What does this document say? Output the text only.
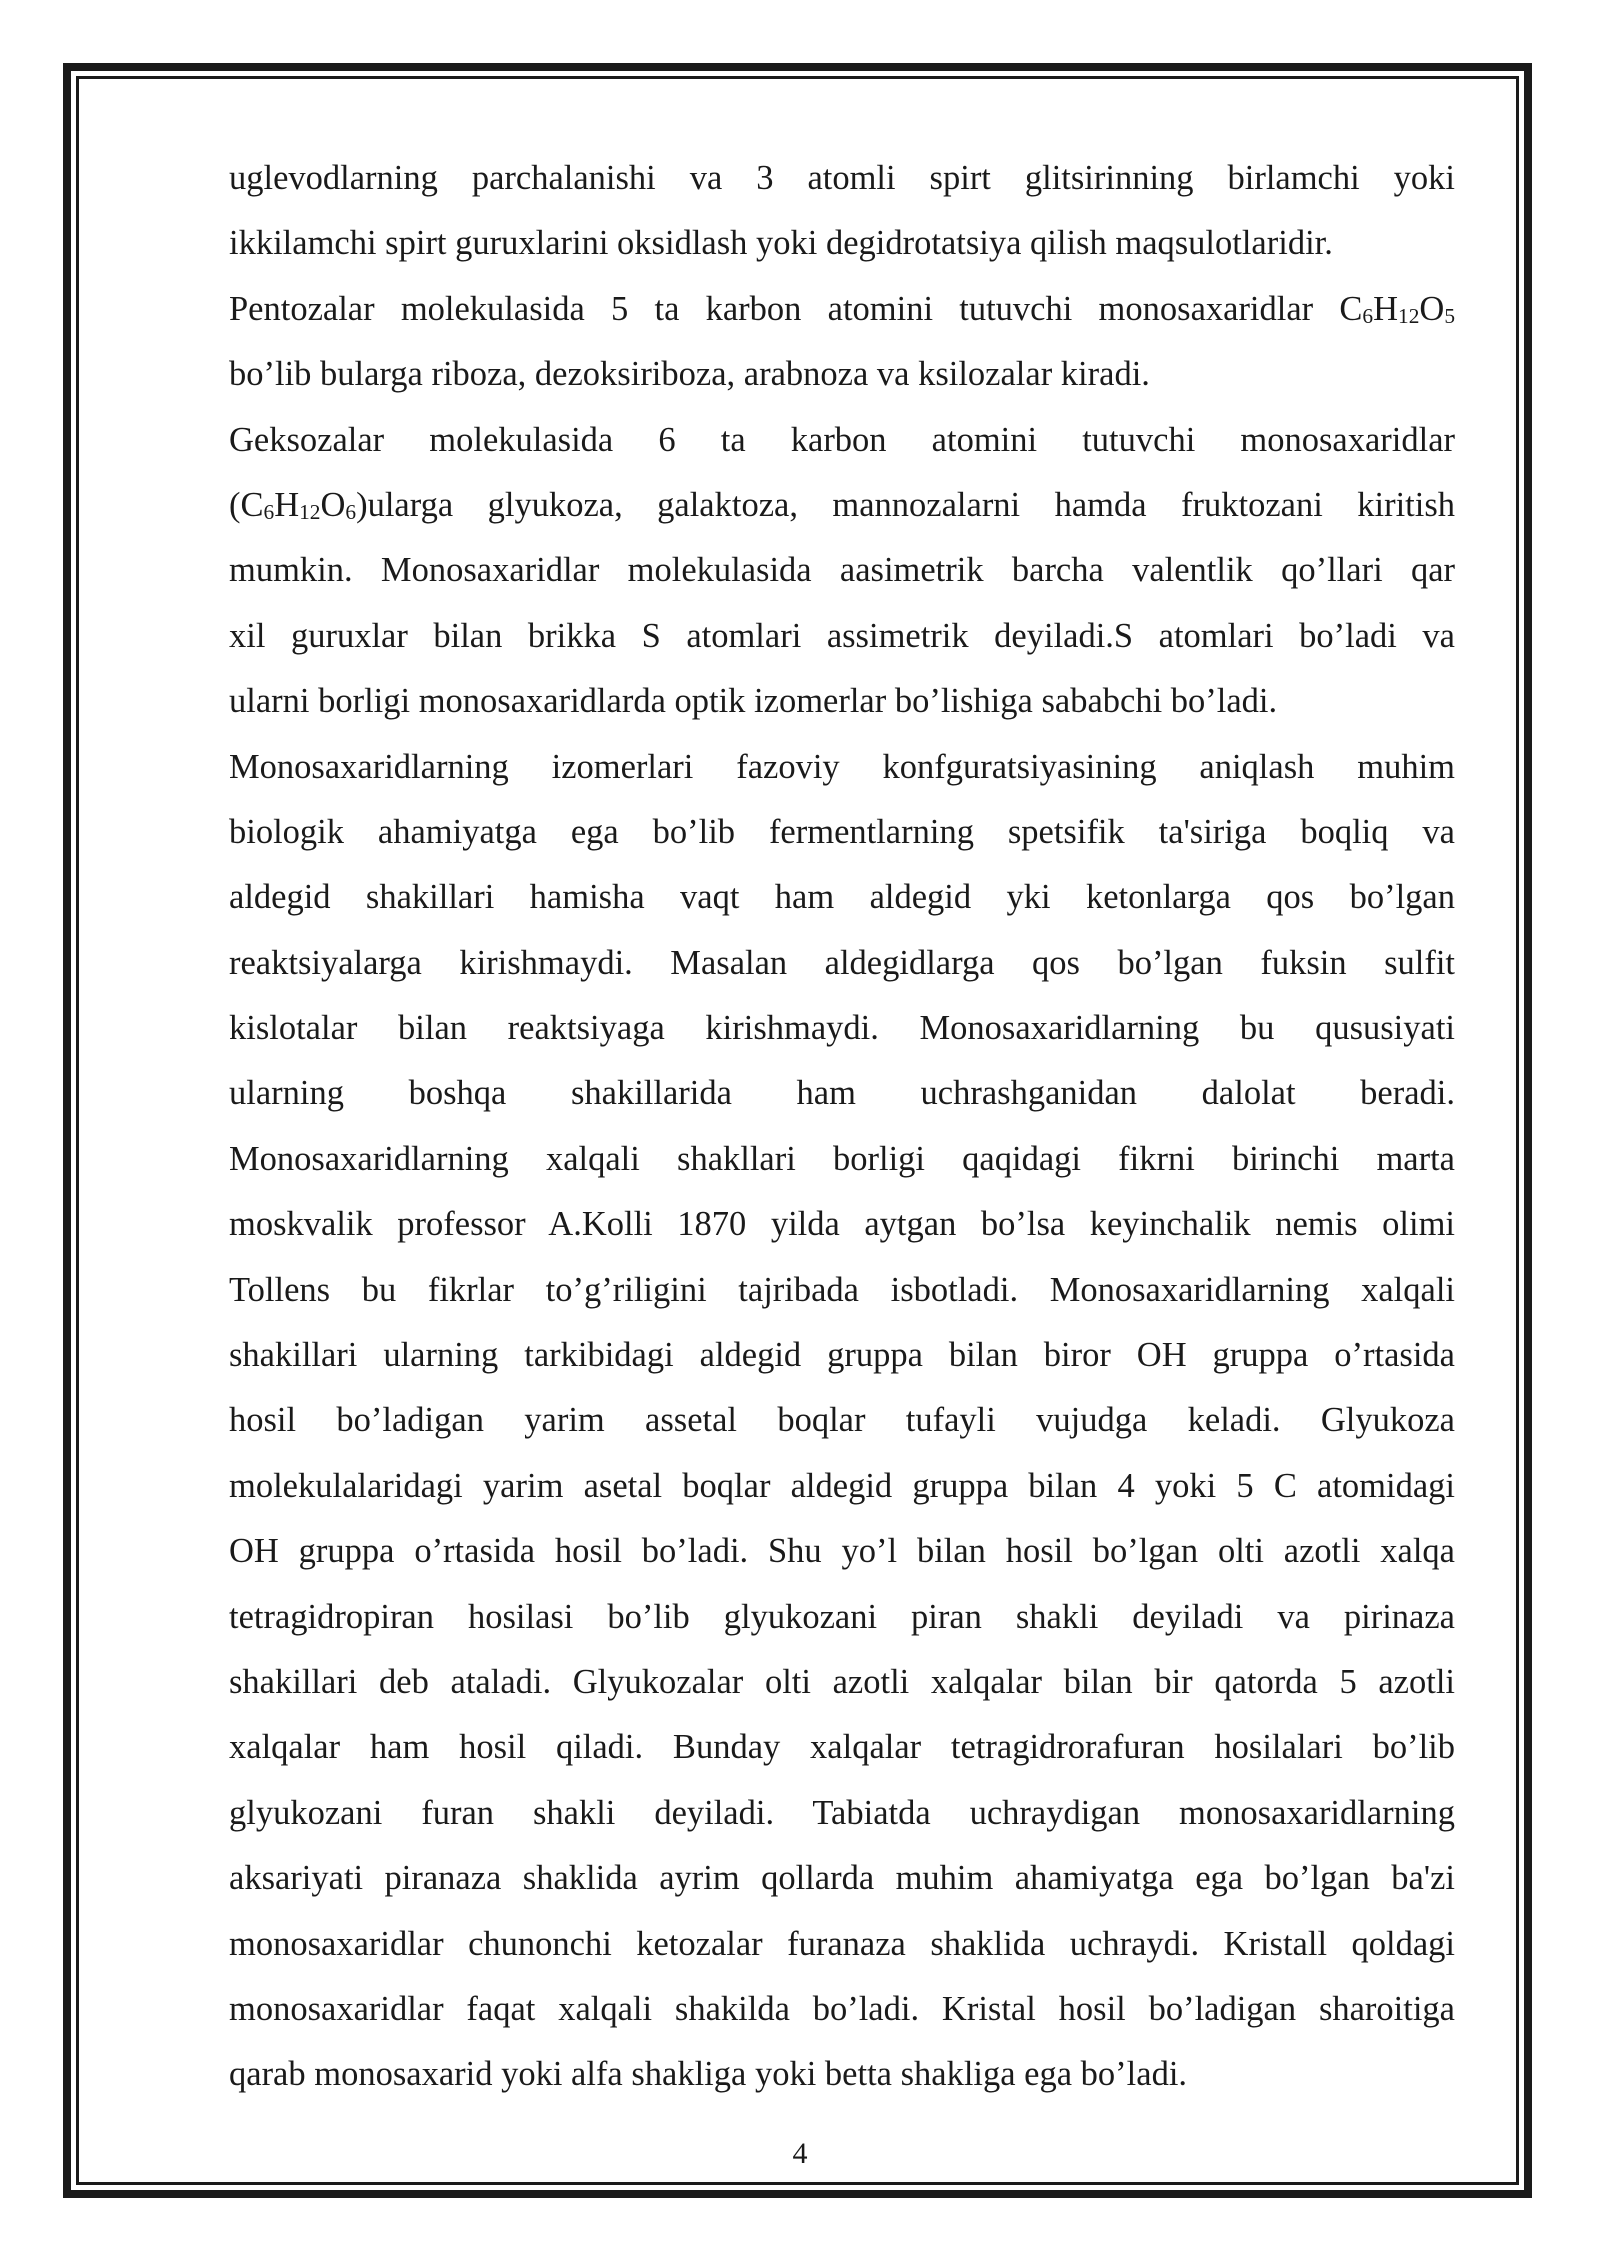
uglevodlarning parchalanishi va 3 atomli spirt glitsirinning birlamchi yoki
ikkilamchi spirt guruxlarini oksidlash yoki degidrotatsiya qilish maqsulotlaridir.
Pentozalar molekulasida 5 ta karbon atomini tutuvchi monosaxaridlar C6H12O5
bo’lib bularga riboza, dezoksiriboza, arabnoza va ksilozalar kiradi.
Geksozalar molekulasida 6 ta karbon atomini tutuvchi monosaxaridlar
(C6H12O6)ularga glyukoza, galaktoza, mannozalarni hamda fruktozani kiritish
mumkin. Monosaxaridlar molekulasida aasimetrik barcha valentlik qo’llari qar
xil guruxlar bilan brikka S atomlari assimetrik deyiladi.S atomlari bo’ladi va
ularni borligi monosaxaridlarda optik izomerlar bo’lishiga sababchi bo’ladi.
Monosaxaridlarning izomerlari fazoviy konfguratsiyasining aniqlash muhim
biologik ahamiyatga ega bo’lib fermentlarning spetsifik ta'siriga boqliq va
aldegid shakillari hamisha vaqt ham aldegid yki ketonlarga qos bo’lgan
reaktsiyalarga kirishmaydi. Masalan aldegidlarga qos bo’lgan fuksin sulfit
kislotalar bilan reaktsiyaga kirishmaydi. Monosaxaridlarning bu qususiyati
ularning boshqa shakillarida ham uchrashganidan dalolat beradi.
Monosaxaridlarning xalqali shakllari borligi qaqidagi fikrni birinchi marta
moskvalik professor A.Kolli 1870 yilda aytgan bo’lsa keyinchalik nemis olimi
Tollens bu fikrlar to’g’riligini tajribada isbotladi. Monosaxaridlarning xalqali
shakillari ularning tarkibidagi aldegid gruppa bilan biror OH gruppa o’rtasida
hosil bo’ladigan yarim assetal boqlar tufayli vujudga keladi. Glyukoza
molekulalaridagi yarim asetal boqlar aldegid gruppa bilan 4 yoki 5 C atomidagi
OH gruppa o’rtasida hosil bo’ladi. Shu yo’l bilan hosil bo’lgan olti azotli xalqa
tetragidropiran hosilasi bo’lib glyukozani piran shakli deyiladi va pirinaza
shakillari deb ataladi. Glyukozalar olti azotli xalqalar bilan bir qatorda 5 azotli
xalqalar ham hosil qiladi. Bunday xalqalar tetragidrorafuran hosilalari bo’lib
glyukozani furan shakli deyiladi. Tabiatda uchraydigan monosaxaridlarning
aksariyati piranaza shaklida ayrim qollarda muhim ahamiyatga ega bo’lgan ba'zi
monosaxaridlar chunonchi ketozalar furanaza shaklida uchraydi. Kristall qoldagi
monosaxaridlar faqat xalqali shakilda bo’ladi. Kristal hosil bo’ladigan sharoitiga
qarab monosaxarid yoki alfa shakliga yoki betta shakliga ega bo’ladi.
4
